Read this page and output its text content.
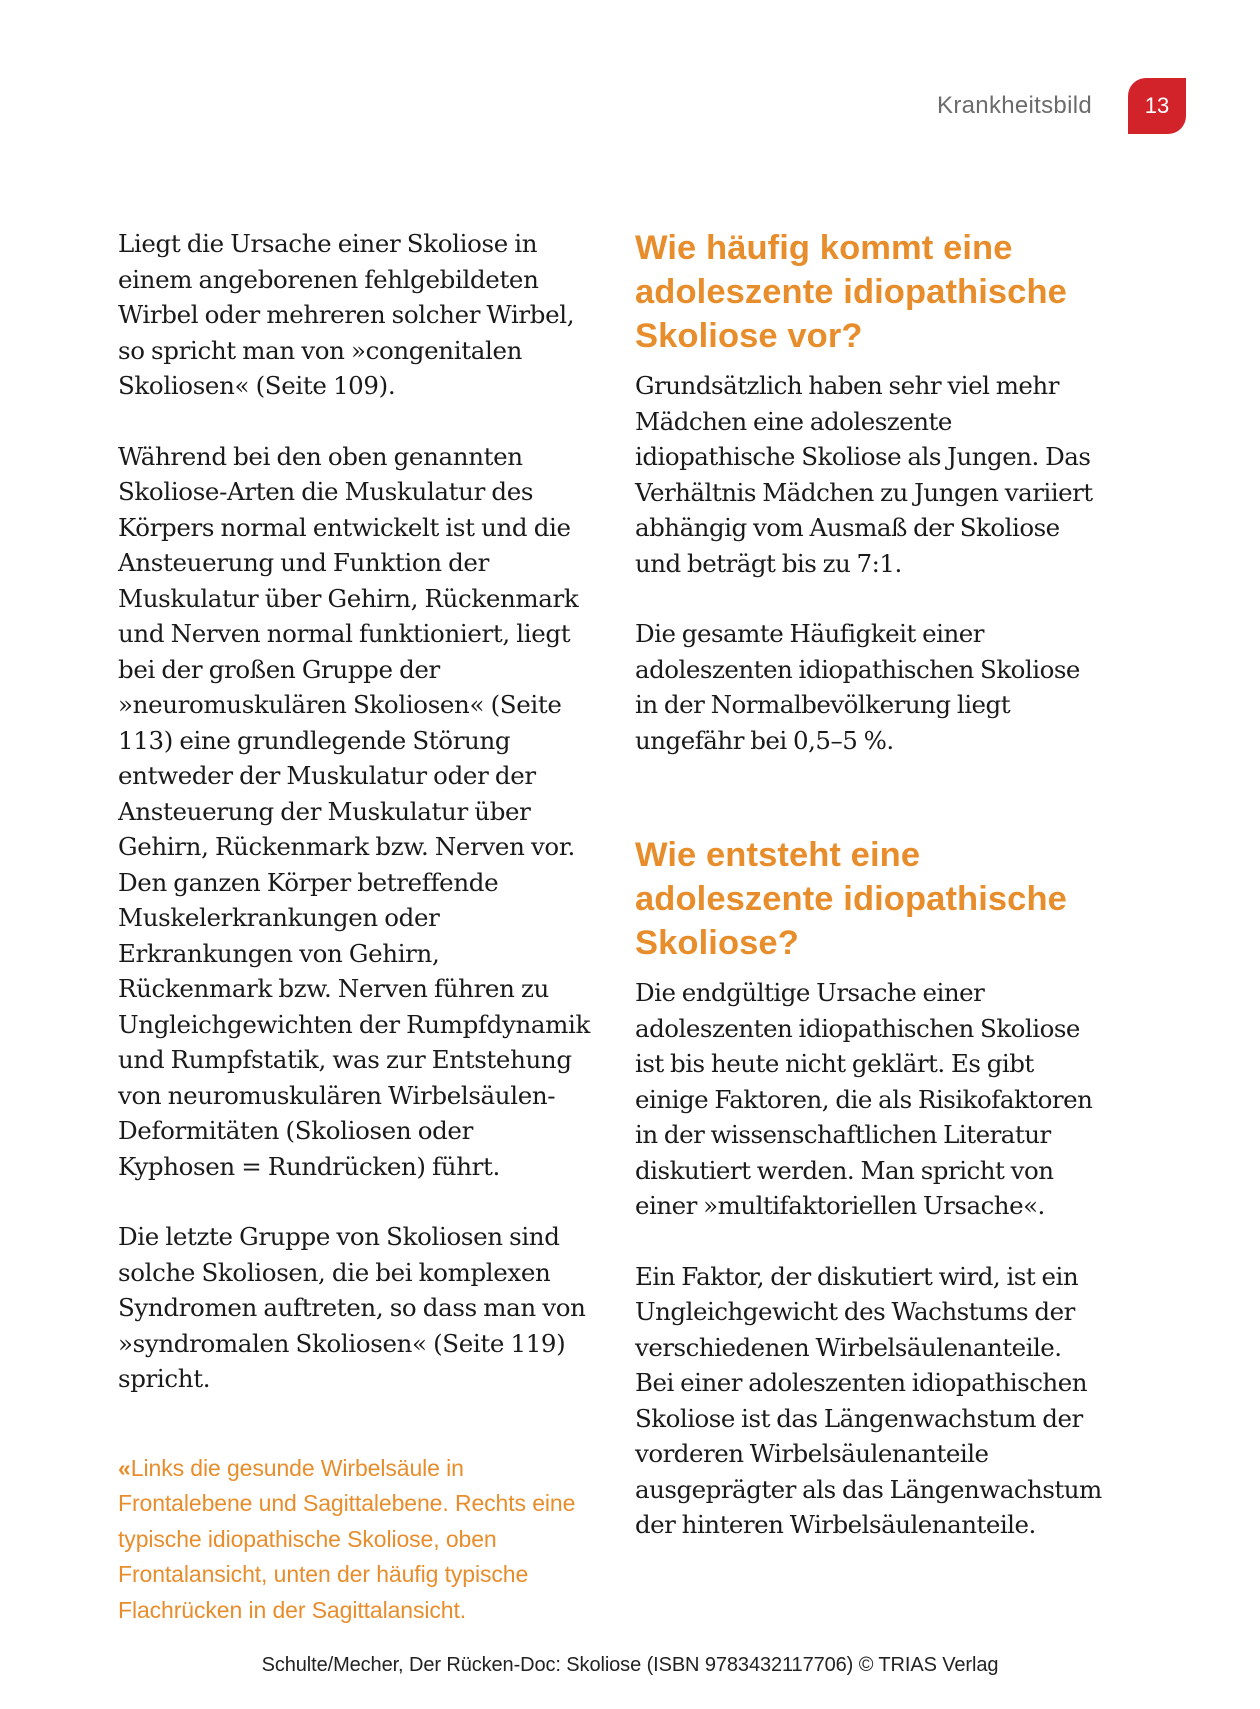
Krankheitsbild	13

Liegt die Ursache einer Skoliose in einem angeborenen fehlgebildeten Wirbel oder mehreren solcher Wirbel, so spricht man von »congenitalen Skoliosen« (Seite 109).

Während bei den oben genannten Skoliose-Arten die Muskulatur des Körpers normal entwickelt ist und die Ansteuerung und Funktion der Muskulatur über Gehirn, Rückenmark und Nerven normal funktioniert, liegt bei der großen Gruppe der »neuromuskulären Skoliosen« (Seite 113) eine grundlegende Störung entweder der Muskulatur oder der Ansteuerung der Muskulatur über Gehirn, Rückenmark bzw. Nerven vor. Den ganzen Körper betreffende Muskelerkrankungen oder Erkrankungen von Gehirn, Rückenmark bzw. Nerven führen zu Ungleichgewichten der Rumpfdynamik und Rumpfstatik, was zur Entstehung von neuromuskulären Wirbelsäulen-Deformitäten (Skoliosen oder Kyphosen = Rundrücken) führt.

Die letzte Gruppe von Skoliosen sind solche Skoliosen, die bei komplexen Syndromen auftreten, so dass man von »syndromalen Skoliosen« (Seite 119) spricht.

« Links die gesunde Wirbelsäule in Frontalebene und Sagittalebene. Rechts eine typische idiopathische Skoliose, oben Frontalansicht, unten der häufig typische Flachrücken in der Sagittalansicht.
Wie häufig kommt eine adoleszente idiopathische Skoliose vor?

Grundsätzlich haben sehr viel mehr Mädchen eine adoleszente idiopathische Skoliose als Jungen. Das Verhältnis Mädchen zu Jungen variiert abhängig vom Ausmaß der Skoliose und beträgt bis zu 7:1.

Die gesamte Häufigkeit einer adoleszenten idiopathischen Skoliose in der Normalbevölkerung liegt ungefähr bei 0,5–5 %.

Wie entsteht eine adoleszente idiopathische Skoliose?

Die endgültige Ursache einer adoleszenten idiopathischen Skoliose ist bis heute nicht geklärt. Es gibt einige Faktoren, die als Risikofaktoren in der wissenschaftlichen Literatur diskutiert werden. Man spricht von einer »multifaktoriellen Ursache«.

Ein Faktor, der diskutiert wird, ist ein Ungleichgewicht des Wachstums der verschiedenen Wirbelsäulenanteile. Bei einer adoleszenten idiopathischen Skoliose ist das Längenwachstum der vorderen Wirbelsäulenanteile ausgeprägter als das Längenwachstum der hinteren Wirbelsäulenanteile.

Schulte/Mecher, Der Rücken-Doc: Skoliose (ISBN 9783432117706) © TRIAS Verlag
